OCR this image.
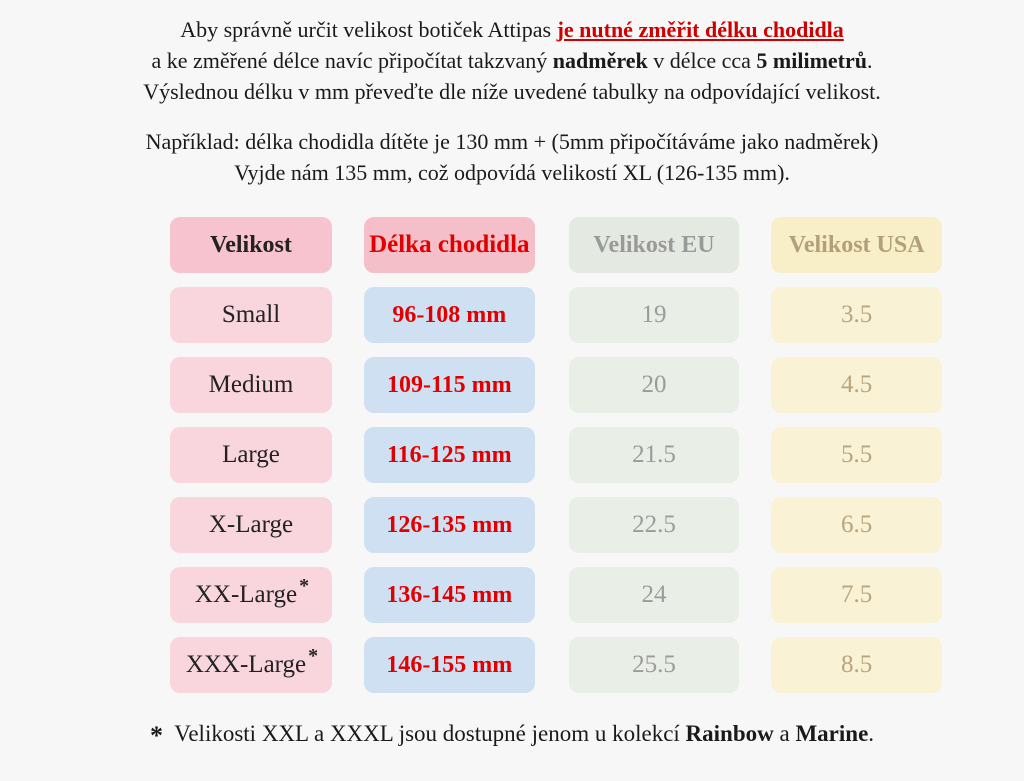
Aby správně určit velikost botiček Attipas je nutné změřit délku chodidla
a ke změřené délce navíc připočítat takzvaný nadměrek v délce cca 5 milimetrů.
Výslednou délku v mm převeďte dle níže uvedené tabulky na odpovídající velikost.
Například: délka chodidla dítěte je 130 mm + (5mm připočítáváme jako nadměrek)
Vyjde nám 135 mm, což odpovídá velikostí XL (126-135 mm).
Velikost	Délka chodidla	Velikost EU	Velikost USA
Small	96-108 mm	19	3.5
Medium	109-115 mm	20	4.5
Large	116-125 mm	21.5	5.5
X-Large	126-135 mm	22.5	6.5
XX-Large *	136-145 mm	24	7.5
XXX-Large *	146-155 mm	25.5	8.5
* Velikosti XXL a XXXL jsou dostupné jenom u kolekcí Rainbow a Marine.
